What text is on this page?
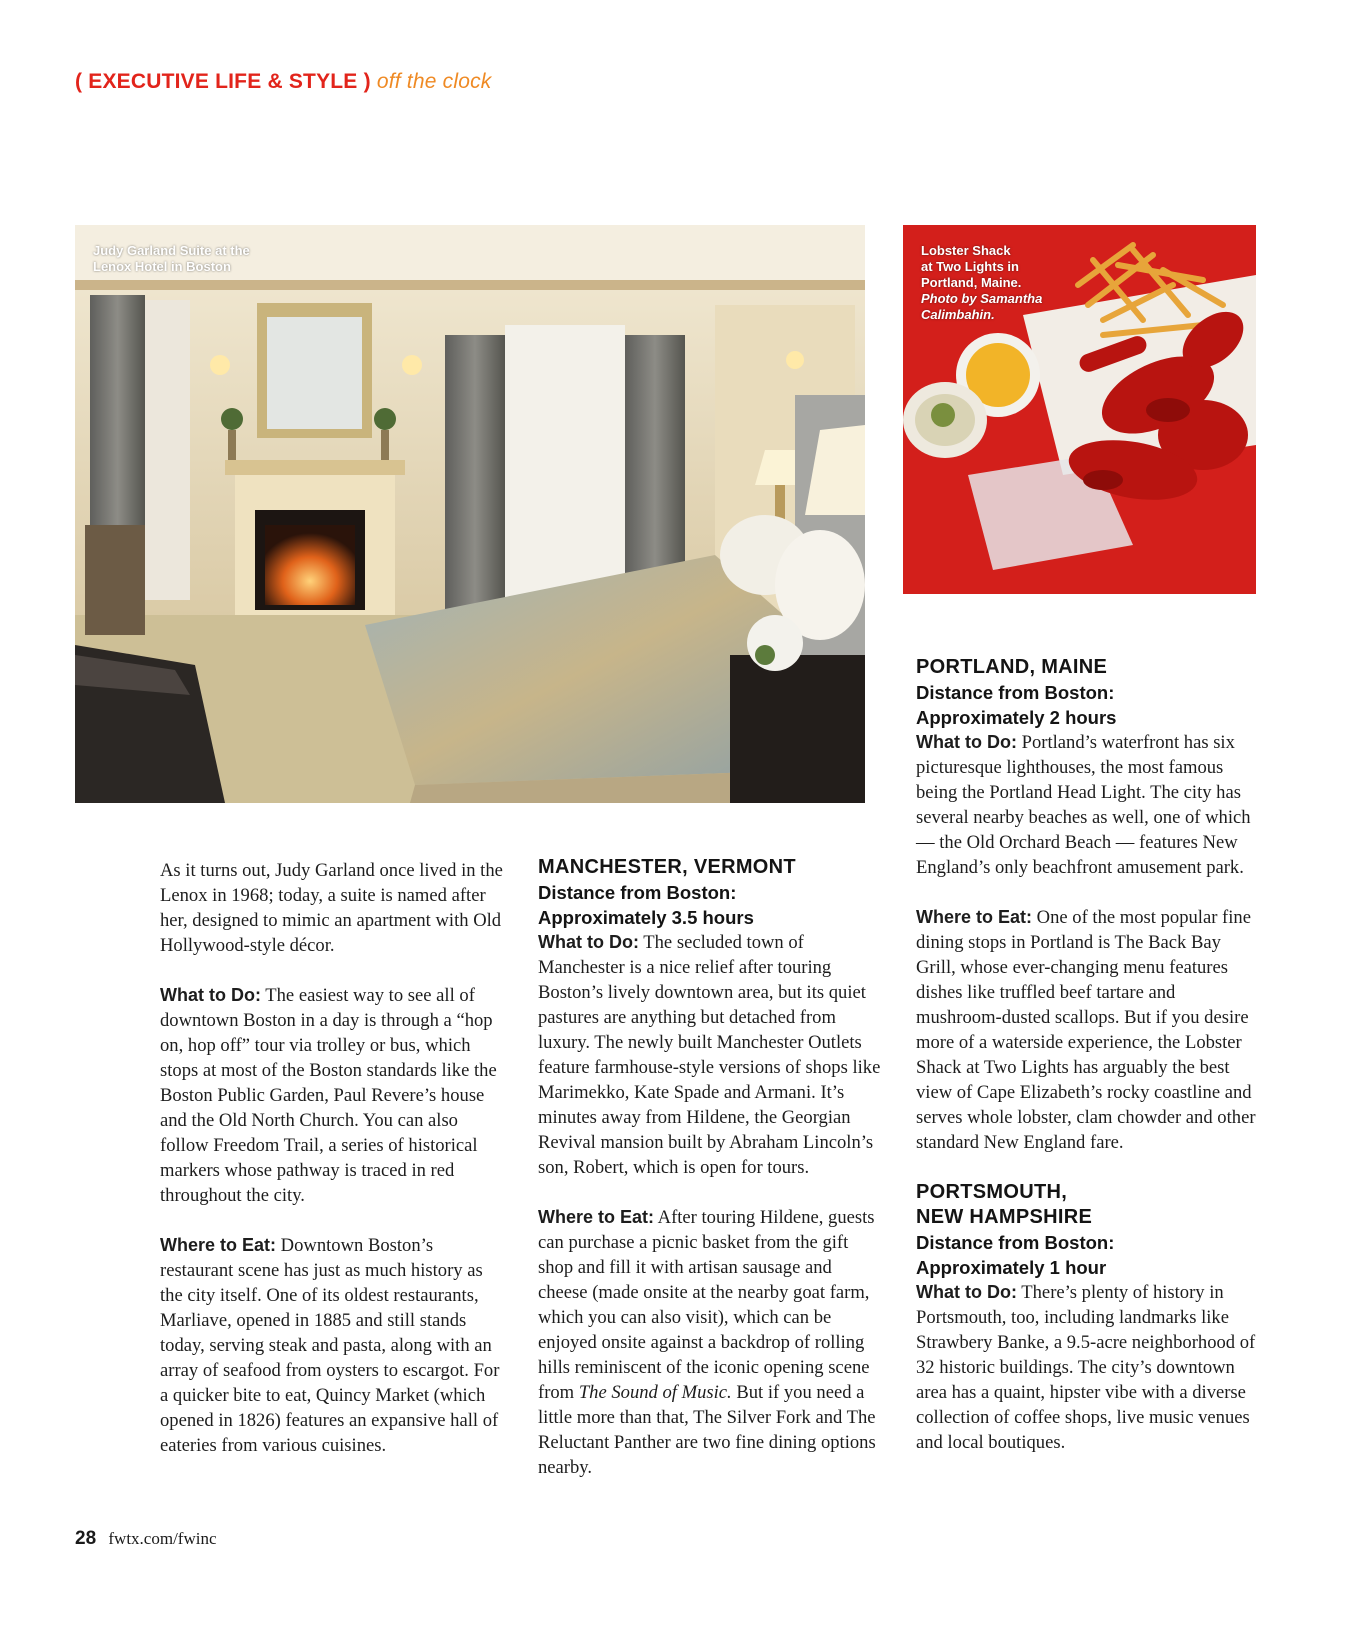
( EXECUTIVE LIFE & STYLE ) off the clock
Judy Garland Suite at the
Lenox Hotel in Boston
Lobster Shack
at Two Lights in
Portland, Maine.
Photo by Samantha
Calimbahin.

As it turns out, Judy Garland once lived in the Lenox in 1968; today, a suite is named after her, designed to mimic an apartment with Old Hollywood-style décor.

What to Do: The easiest way to see all of downtown Boston in a day is through a “hop on, hop off” tour via trolley or bus, which stops at most of the Boston standards like the Boston Public Garden, Paul Revere’s house and the Old North Church. You can also follow Freedom Trail, a series of historical markers whose pathway is traced in red throughout the city.

Where to Eat: Downtown Boston’s restaurant scene has just as much history as the city itself. One of its oldest restaurants, Marliave, opened in 1885 and still stands today, serving steak and pasta, along with an array of seafood from oysters to escargot. For a quicker bite to eat, Quincy Market (which opened in 1826) features an expansive hall of eateries from various cuisines.

MANCHESTER, VERMONT
Distance from Boston:
Approximately 3.5 hours

What to Do: The secluded town of Manchester is a nice relief after touring Boston’s lively downtown area, but its quiet pastures are anything but detached from luxury. The newly built Manchester Outlets feature farmhouse-style versions of shops like Marimekko, Kate Spade and Armani. It’s minutes away from Hildene, the Georgian Revival mansion built by Abraham Lincoln’s son, Robert, which is open for tours.

Where to Eat: After touring Hildene, guests can purchase a picnic basket from the gift shop and fill it with artisan sausage and cheese (made onsite at the nearby goat farm, which you can also visit), which can be enjoyed onsite against a backdrop of rolling hills reminiscent of the iconic opening scene from The Sound of Music. But if you need a little more than that, The Silver Fork and The Reluctant Panther are two fine dining options nearby.

PORTLAND, MAINE
Distance from Boston:
Approximately 2 hours

What to Do: Portland’s waterfront has six picturesque lighthouses, the most famous being the Portland Head Light. The city has several nearby beaches as well, one of which — the Old Orchard Beach — features New England’s only beachfront amusement park.

Where to Eat: One of the most popular fine dining stops in Portland is The Back Bay Grill, whose ever-changing menu features dishes like truffled beef tartare and mushroom-dusted scallops. But if you desire more of a waterside experience, the Lobster Shack at Two Lights has arguably the best view of Cape Elizabeth’s rocky coastline and serves whole lobster, clam chowder and other standard New England fare.

PORTSMOUTH,
NEW HAMPSHIRE
Distance from Boston:
Approximately 1 hour

What to Do: There’s plenty of history in Portsmouth, too, including landmarks like Strawbery Banke, a 9.5-acre neighborhood of 32 historic buildings. The city’s downtown area has a quaint, hipster vibe with a diverse collection of coffee shops, live music venues and local boutiques.

28 fwtx.com/fwinc
